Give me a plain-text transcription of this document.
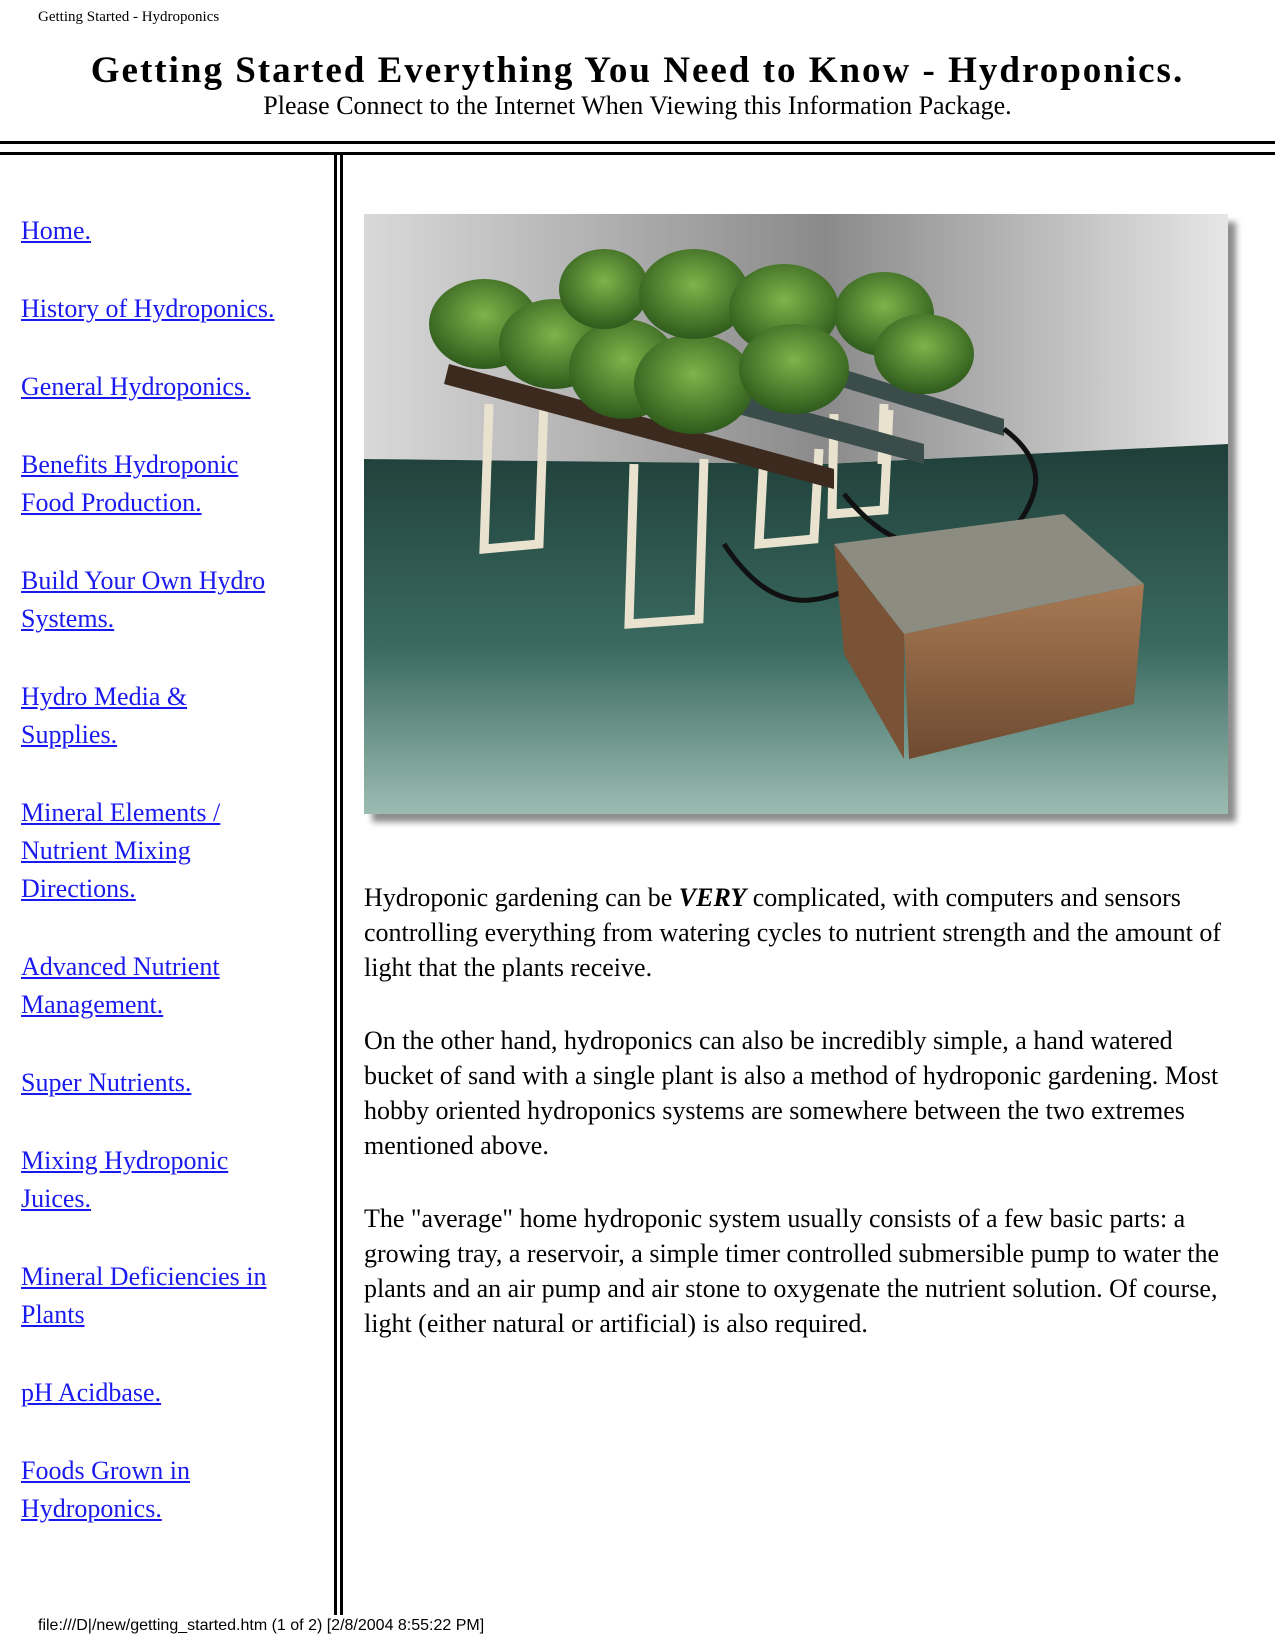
Getting Started - Hydroponics
Getting Started Everything You Need to Know - Hydroponics.

Please Connect to the Internet When Viewing this Information Package.

Home.
History of Hydroponics.
General Hydroponics.
Benefits Hydroponic
Food Production.
Build Your Own Hydro
Systems.
Hydro Media &
Supplies.
Mineral Elements /
Nutrient Mixing
Directions.
Advanced Nutrient
Management.
Super Nutrients.
Mixing Hydroponic
Juices.
Mineral Deficiencies in
Plants
pH Acidbase.
Foods Grown in
Hydroponics.

Hydroponic gardening can be VERY complicated, with computers and sensors controlling everything from watering cycles to nutrient strength and the amount of light that the plants receive.

On the other hand, hydroponics can also be incredibly simple, a hand watered bucket of sand with a single plant is also a method of hydroponic gardening. Most hobby oriented hydroponics systems are somewhere between the two extremes mentioned above.

The "average" home hydroponic system usually consists of a few basic parts: a growing tray, a reservoir, a simple timer controlled submersible pump to water the plants and an air pump and air stone to oxygenate the nutrient solution. Of course, light (either natural or artificial) is also required.

file:///D|/new/getting_started.htm (1 of 2) [2/8/2004 8:55:22 PM]
